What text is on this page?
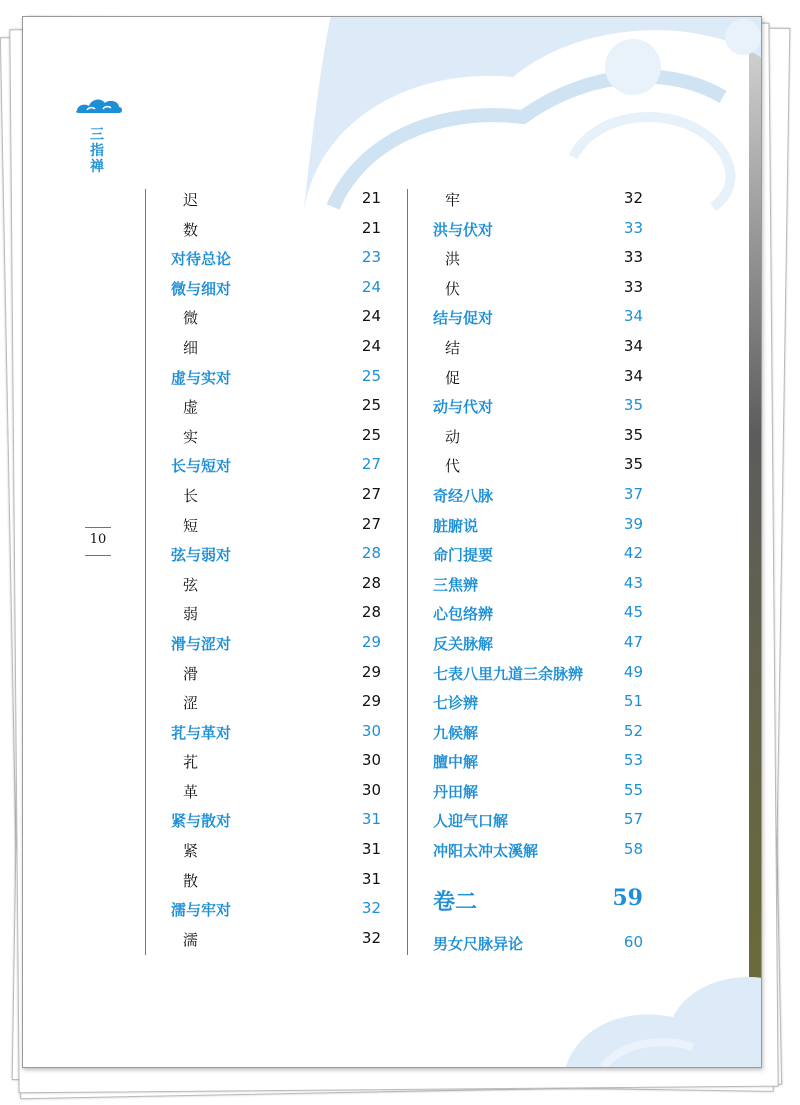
三指禅
10
迟	21
数	21
对待总论	23
微与细对	24
微	24
细	24
虚与实对	25
虚	25
实	25
长与短对	27
长	27
短	27
弦与弱对	28
弦	28
弱	28
滑与涩对	29
滑	29
涩	29
芤与革对	30
芤	30
革	30
紧与散对	31
紧	31
散	31
濡与牢对	32
濡	32
牢	32
洪与伏对	33
洪	33
伏	33
结与促对	34
结	34
促	34
动与代对	35
动	35
代	35
奇经八脉	37
脏腑说	39
命门提要	42
三焦辨	43
心包络辨	45
反关脉解	47
七表八里九道三余脉辨	49
七诊辨	51
九候解	52
膻中解	53
丹田解	55
人迎气口解	57
冲阳太冲太溪解	58
卷二	59
男女尺脉异论	60
